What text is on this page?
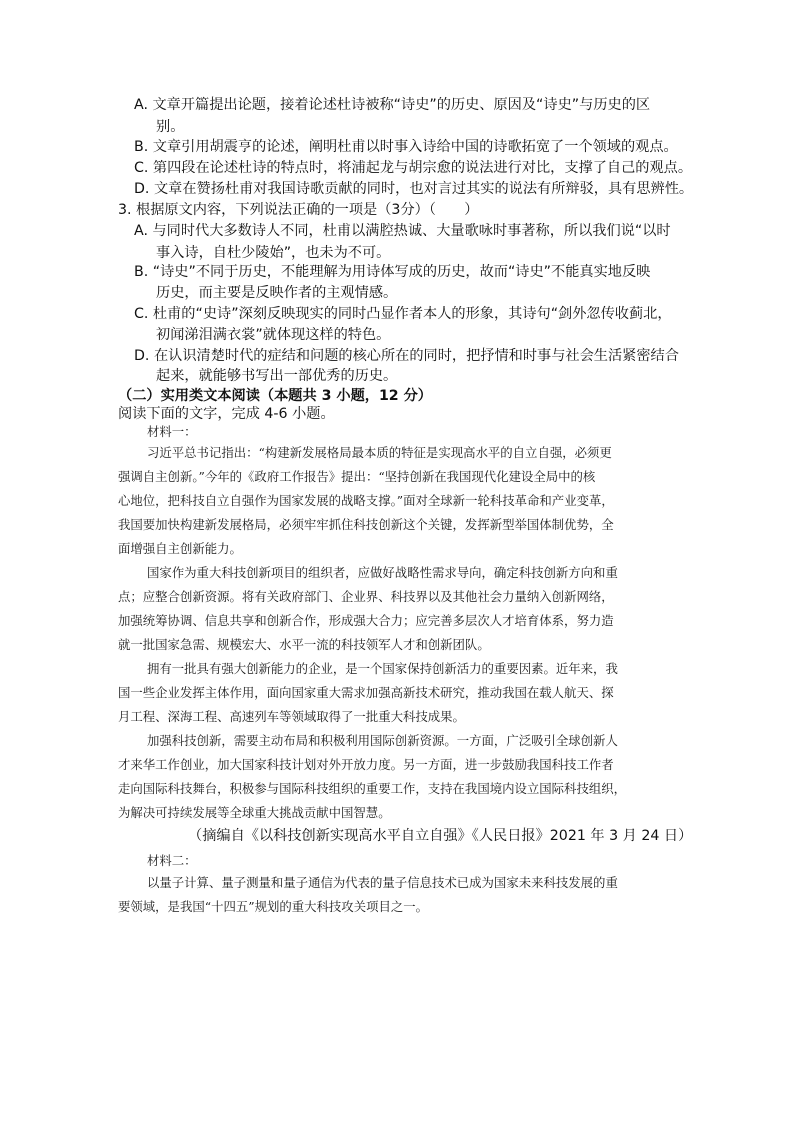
A. 文章开篇提出论题，接着论述杜诗被称“诗史”的历史、原因及“诗史”与历史的区
别。
B. 文章引用胡震亨的论述，阐明杜甫以时事入诗给中国的诗歌拓宽了一个领域的观点。
C. 第四段在论述杜诗的特点时，将浦起龙与胡宗愈的说法进行对比，支撑了自己的观点。
D. 文章在赞扬杜甫对我国诗歌贡献的同时，也对言过其实的说法有所辩驳，具有思辨性。
3. 根据原文内容，下列说法正确的一项是（3分）（　　）
A. 与同时代大多数诗人不同，杜甫以满腔热诚、大量歌咏时事著称，所以我们说“以时
事入诗，自杜少陵始”，也未为不可。
B. “诗史”不同于历史，不能理解为用诗体写成的历史，故而“诗史”不能真实地反映
历史，而主要是反映作者的主观情感。
C. 杜甫的“史诗”深刻反映现实的同时凸显作者本人的形象，其诗句“剑外忽传收蓟北，
初闻涕泪满衣裳”就体现这样的特色。
D. 在认识清楚时代的症结和问题的核心所在的同时，把抒情和时事与社会生活紧密结合
起来，就能够书写出一部优秀的历史。
（二）实用类文本阅读（本题共 3 小题，12 分）
阅读下面的文字，完成 4-6 小题。
材料一：
习近平总书记指出：“构建新发展格局最本质的特征是实现高水平的自立自强，必须更
强调自主创新。”今年的《政府工作报告》提出：“坚持创新在我国现代化建设全局中的核
心地位，把科技自立自强作为国家发展的战略支撑。”面对全球新一轮科技革命和产业变革，
我国要加快构建新发展格局，必须牢牢抓住科技创新这个关键，发挥新型举国体制优势，全
面增强自主创新能力。
国家作为重大科技创新项目的组织者，应做好战略性需求导向，确定科技创新方向和重
点；应整合创新资源。将有关政府部门、企业界、科技界以及其他社会力量纳入创新网络，
加强统筹协调、信息共享和创新合作，形成强大合力；应完善多层次人才培育体系，努力造
就一批国家急需、规模宏大、水平一流的科技领军人才和创新团队。
拥有一批具有强大创新能力的企业，是一个国家保持创新活力的重要因素。近年来，我
国一些企业发挥主体作用，面向国家重大需求加强高新技术研究，推动我国在载人航天、探
月工程、深海工程、高速列车等领域取得了一批重大科技成果。
加强科技创新，需要主动布局和积极利用国际创新资源。一方面，广泛吸引全球创新人
才来华工作创业，加大国家科技计划对外开放力度。另一方面，进一步鼓励我国科技工作者
走向国际科技舞台，积极参与国际科技组织的重要工作，支持在我国境内设立国际科技组织，
为解决可持续发展等全球重大挑战贡献中国智慧。
（摘编自《以科技创新实现高水平自立自强》《人民日报》2021 年 3 月 24 日）
材料二：
以量子计算、量子测量和量子通信为代表的量子信息技术已成为国家未来科技发展的重
要领域，是我国“十四五”规划的重大科技攻关项目之一。
